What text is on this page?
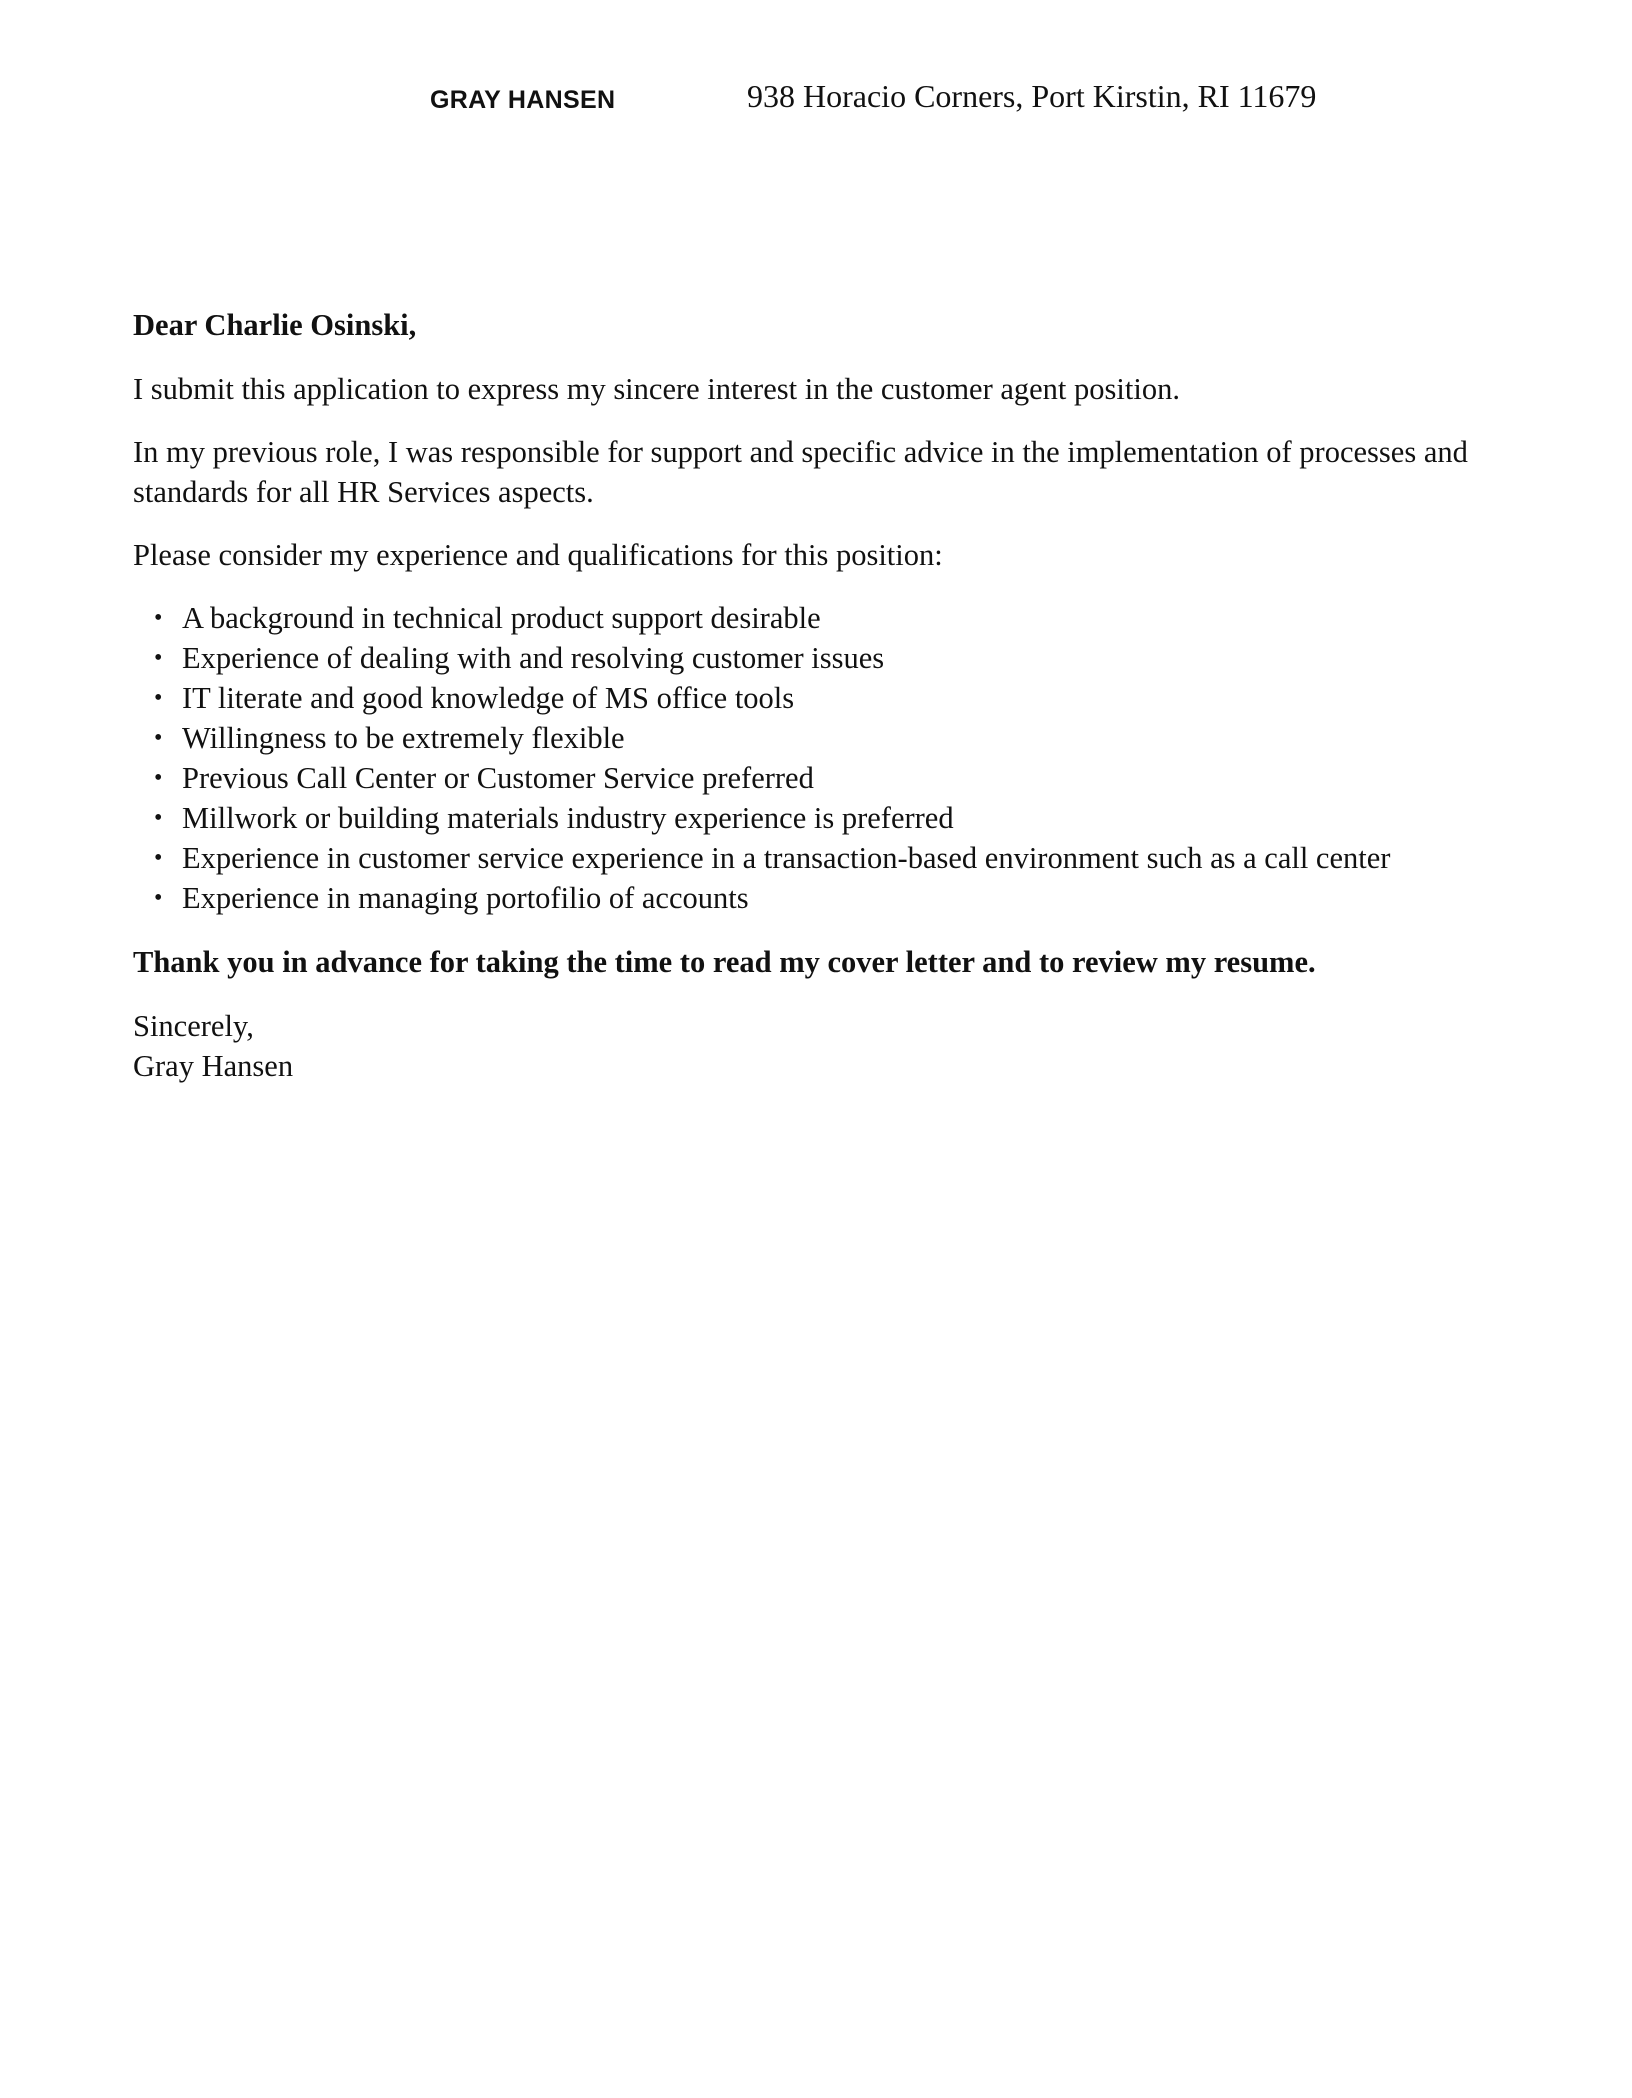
GRAY HANSEN	938 Horacio Corners, Port Kirstin, RI 11679

Dear Charlie Osinski,

I submit this application to express my sincere interest in the customer agent position.

In my previous role, I was responsible for support and specific advice in the implementation of processes and standards for all HR Services aspects.

Please consider my experience and qualifications for this position:

• A background in technical product support desirable
• Experience of dealing with and resolving customer issues
• IT literate and good knowledge of MS office tools
• Willingness to be extremely flexible
• Previous Call Center or Customer Service preferred
• Millwork or building materials industry experience is preferred
• Experience in customer service experience in a transaction-based environment such as a call center
• Experience in managing portofilio of accounts

Thank you in advance for taking the time to read my cover letter and to review my resume.

Sincerely,

Gray Hansen
